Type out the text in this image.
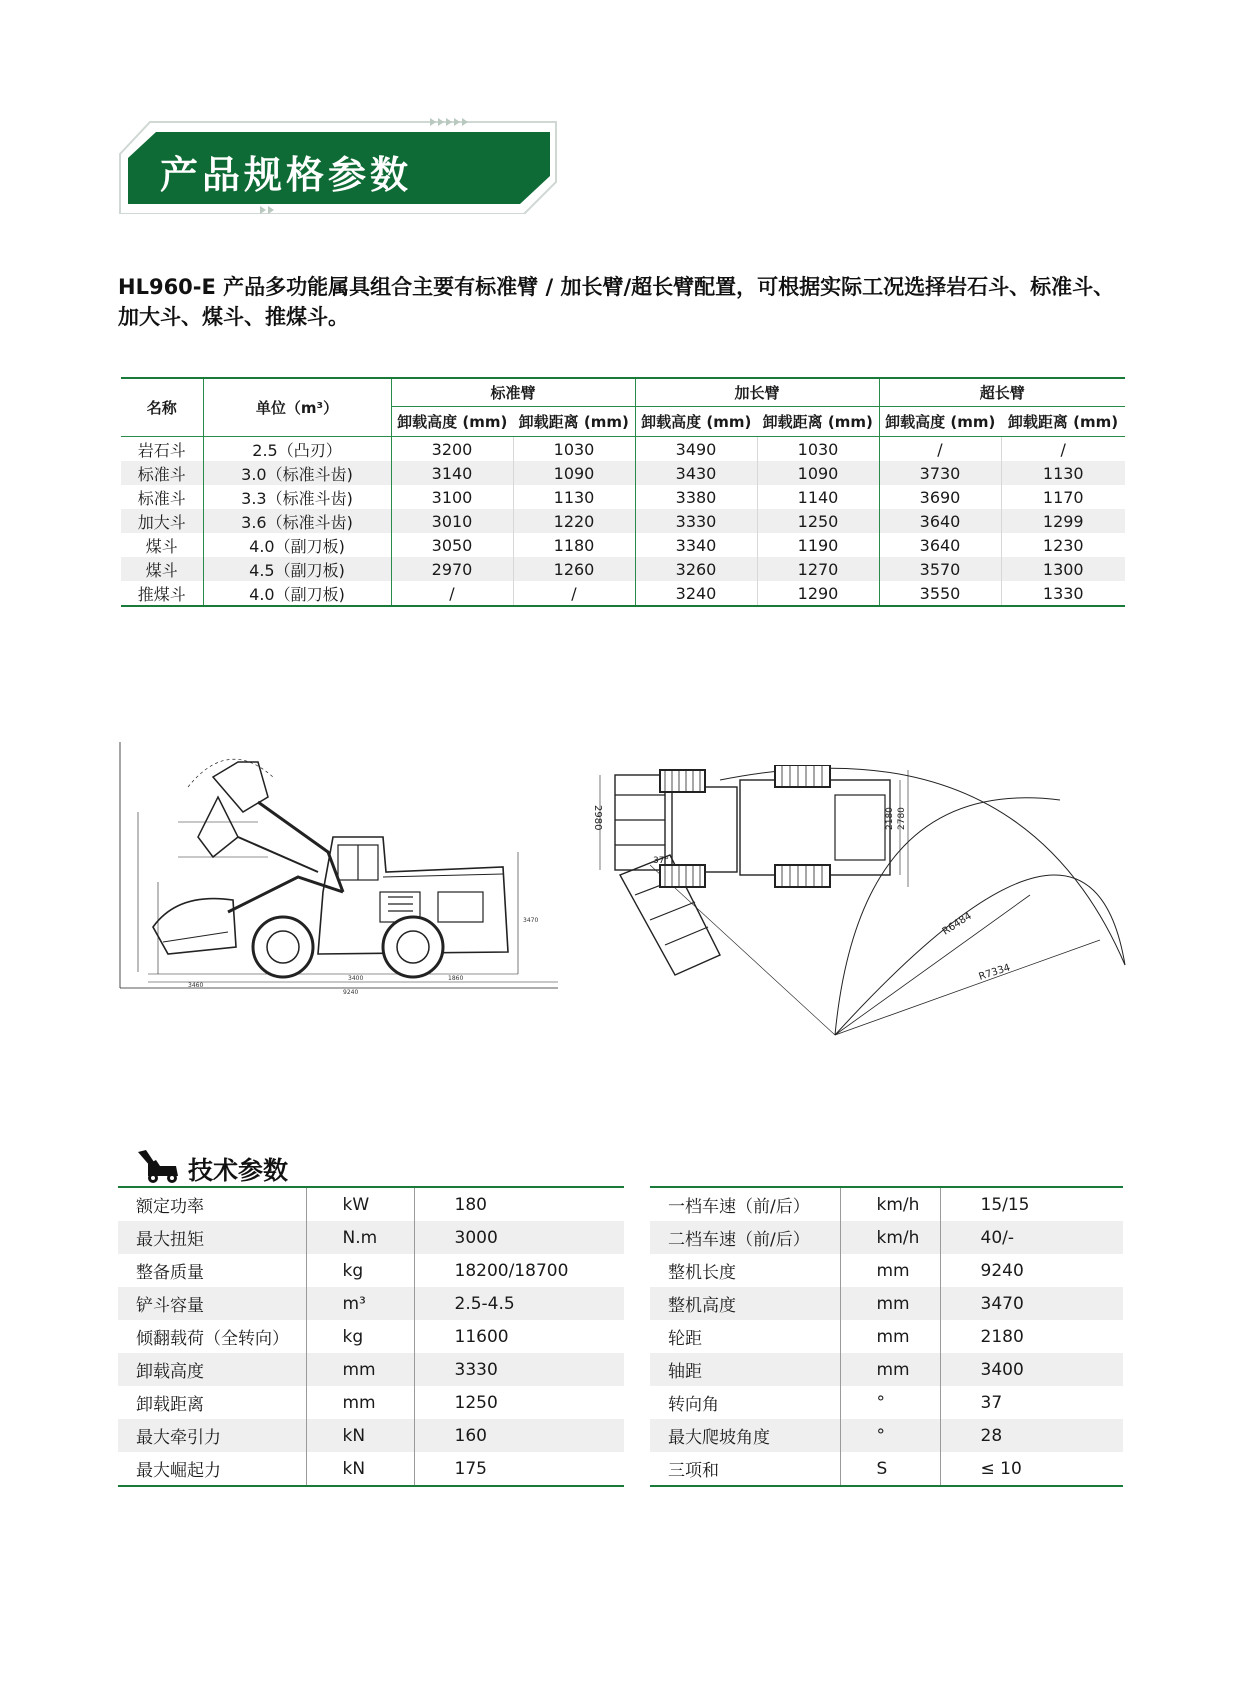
产品规格参数
HL960-E 产品多功能属具组合主要有标准臂 / 加长臂/超长臂配置，可根据实际工况选择岩石斗、标准斗、
加大斗、煤斗、推煤斗。
名称	单位（m³）	标准臂		加长臂		超长臂	
		卸载高度 (mm)	卸载距离 (mm)	卸载高度 (mm)	卸载距离 (mm)	卸载高度 (mm)	卸载距离 (mm)
岩石斗	2.5（凸刃）	3200	1030	3490	1030	/	/
标准斗	3.0（标准斗齿)	3140	1090	3430	1090	3730	1130
标准斗	3.3（标准斗齿)	3100	1130	3380	1140	3690	1170
加大斗	3.6（标准斗齿)	3010	1220	3330	1250	3640	1299
煤斗	4.0（副刀板)	3050	1180	3340	1190	3640	1230
煤斗	4.5（副刀板)	2970	1260	3260	1270	3570	1300
推煤斗	4.0（副刀板)	/	/	3240	1290	3550	1330
3460
3400
9240
1860
3470
2980
37°
2180 2780
R6484
R7334
技术参数
额定功率	kW	180
最大扭矩	N.m	3000
整备质量	kg	18200/18700
铲斗容量	m³	2.5-4.5
倾翻载荷（全转向）	kg	11600
卸载高度	mm	3330
卸载距离	mm	1250
最大牵引力	kN	160
最大崛起力	kN	175
一档车速（前/后）	km/h	15/15
二档车速（前/后）	km/h	40/-
整机长度	mm	9240
整机高度	mm	3470
轮距	mm	2180
轴距	mm	3400
转向角	°	37
最大爬坡角度	°	28
三项和	S	≤ 10
